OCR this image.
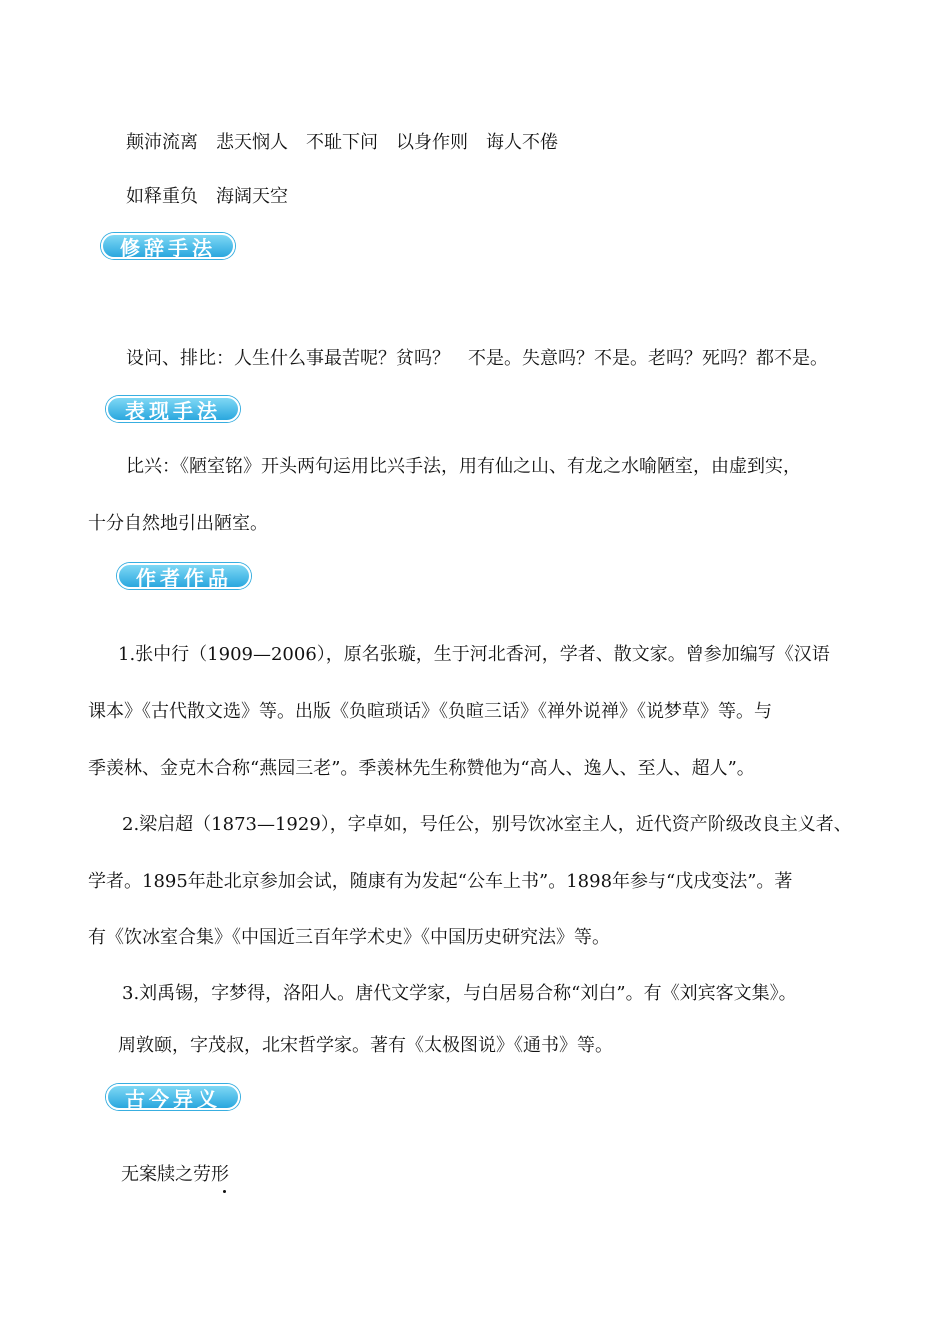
颠沛流离　悲天悯人　不耻下问　以身作则　诲人不倦
如释重负　海阔天空
修辞手法
设问、排比：人生什么事最苦呢？贫吗？　不是。失意吗？不是。老吗？死吗？都不是。
表现手法
比兴：《陋室铭》开头两句运用比兴手法，用有仙之山、有龙之水喻陋室，由虚到实，
十分自然地引出陋室。
作者作品
1.张中行（1909—2006），原名张璇，生于河北香河，学者、散文家。曾参加编写《汉语
课本》《古代散文选》等。出版《负暄琐话》《负暄三话》《禅外说禅》《说梦草》等。与
季羡林、金克木合称“燕园三老”。季羡林先生称赞他为“高人、逸人、至人、超人”。
2.梁启超（1873—1929），字卓如，号任公，别号饮冰室主人，近代资产阶级改良主义者、
学者。1895年赴北京参加会试，随康有为发起“公车上书”。1898年参与“戊戌变法”。著
有《饮冰室合集》《中国近三百年学术史》《中国历史研究法》等。
3.刘禹锡，字梦得，洛阳人。唐代文学家，与白居易合称“刘白”。有《刘宾客文集》。
周敦颐，字茂叔，北宋哲学家。著有《太极图说》《通书》等。
古今异义
无案牍之劳形
